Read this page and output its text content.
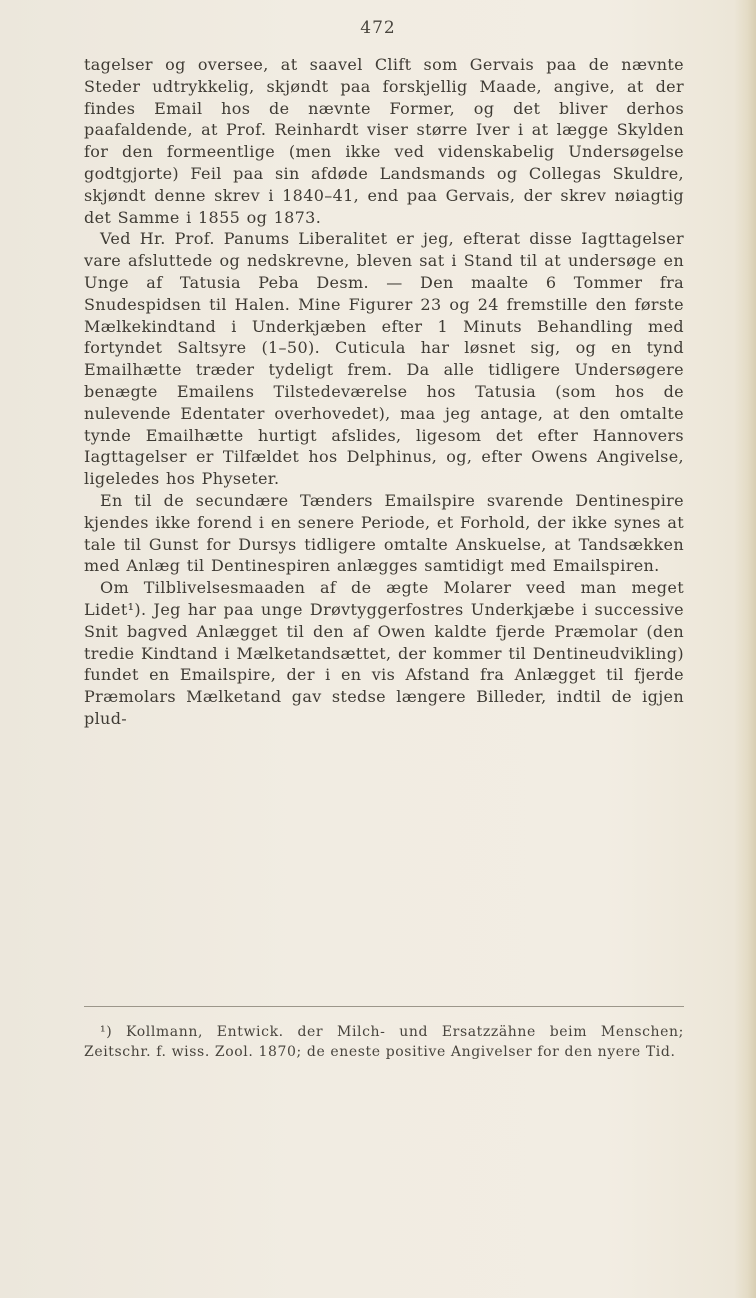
472

tagelser og oversee, at saavel Clift som Gervais paa de nævnte Steder udtrykkelig, skjøndt paa forskjellig Maade, angive, at der findes Email hos de nævnte Former, og det bliver derhos paafaldende, at Prof. Reinhardt viser større Iver i at lægge Skylden for den formeentlige (men ikke ved videnskabelig Undersøgelse godtgjorte) Feil paa sin afdøde Landsmands og Collegas Skuldre, skjøndt denne skrev i 1840–41, end paa Gervais, der skrev nøiagtig det Samme i 1855 og 1873.

Ved Hr. Prof. Panums Liberalitet er jeg, efterat disse Iagttagelser vare afsluttede og nedskrevne, bleven sat i Stand til at undersøge en Unge af Tatusia Peba Desm. — Den maalte 6 Tommer fra Snudespidsen til Halen. Mine Figurer 23 og 24 fremstille den første Mælkekindtand i Underkjæben efter 1 Minuts Behandling med fortyndet Saltsyre (1–50). Cuticula har løsnet sig, og en tynd Emailhætte træder tydeligt frem. Da alle tidligere Undersøgere benægte Emailens Tilstedeværelse hos Tatusia (som hos de nulevende Edentater overhovedet), maa jeg antage, at den omtalte tynde Emailhætte hurtigt afslides, ligesom det efter Hannovers Iagttagelser er Tilfældet hos Delphinus, og, efter Owens Angivelse, ligeledes hos Physeter.

En til de secundære Tænders Emailspire svarende Dentinespire kjendes ikke forend i en senere Periode, et Forhold, der ikke synes at tale til Gunst for Dursys tidligere omtalte Anskuelse, at Tandsækken med Anlæg til Dentinespiren anlægges samtidigt med Emailspiren.

Om Tilblivelsesmaaden af de ægte Molarer veed man meget Lidet¹). Jeg har paa unge Drøvtyggerfostres Underkjæbe i successive Snit bagved Anlægget til den af Owen kaldte fjerde Præmolar (den tredie Kindtand i Mælketandsættet, der kommer til Dentineudvikling) fundet en Emailspire, der i en vis Afstand fra Anlægget til fjerde Præmolars Mælketand gav stedse længere Billeder, indtil de igjen plud-

¹) Kollmann, Entwick. der Milch- und Ersatzzähne beim Menschen; Zeitschr. f. wiss. Zool. 1870; de eneste positive Angivelser for den nyere Tid.
